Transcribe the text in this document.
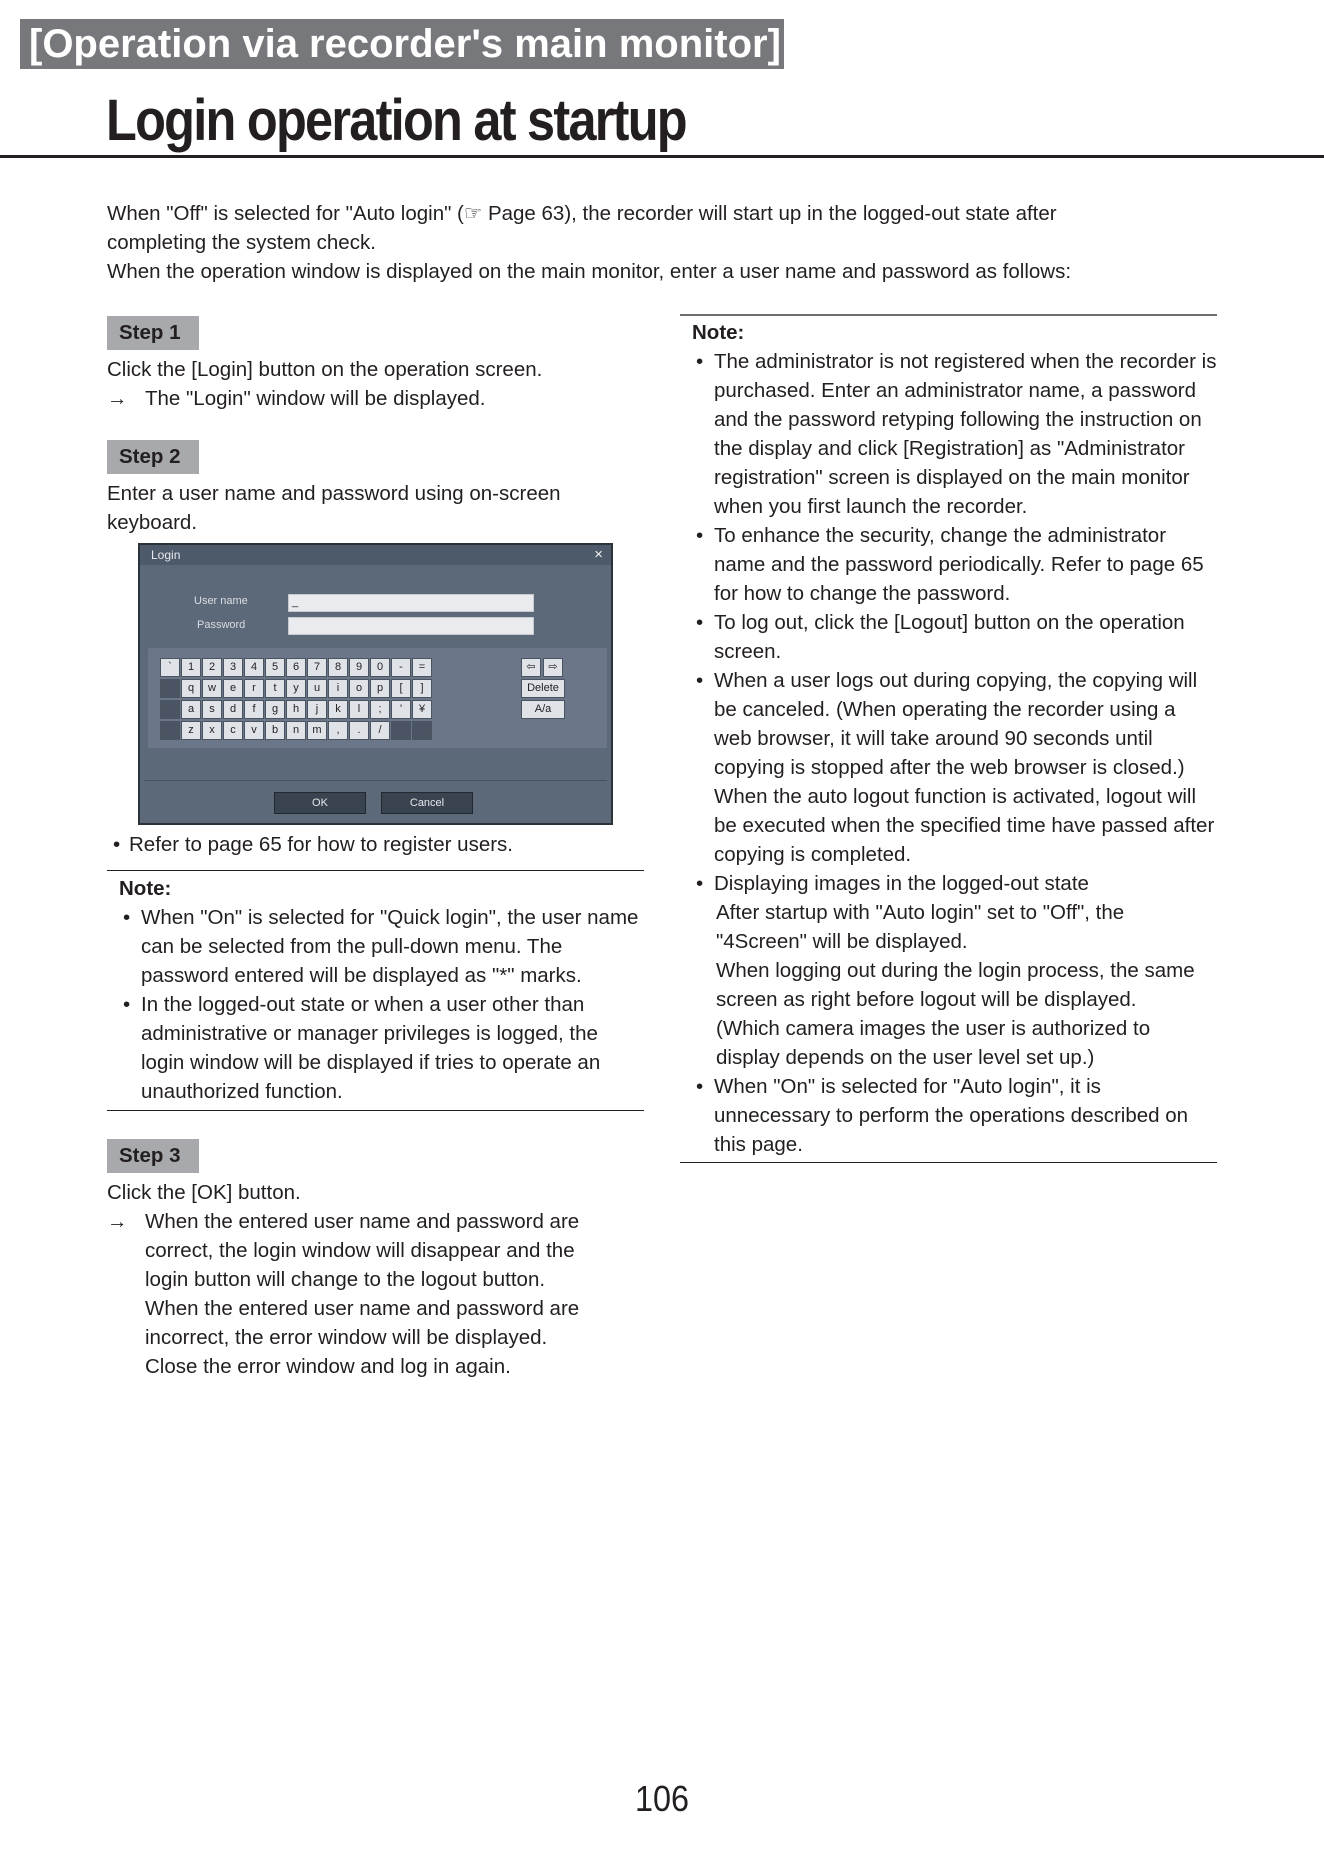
[Operation via recorder's main monitor]
Login operation at startup

When "Off" is selected for "Auto login" (☞ Page 63), the recorder will start up in the logged-out state after

completing the system check.

When the operation window is displayed on the main monitor, enter a user name and password as follows:

Step 1
Click the [Login] button on the operation screen.
→ The "Login" window will be displayed.
Step 2
Enter a user name and password using on-screen
keyboard.
Login	×
User name	_
Password
`	1	2	3	4	5	6	7	8	9	0	-	=
q	w	e	r	t	y	u	i	o	p	[	]
a	s	d	f	g	h	j	k	l	;	'	¥
z	x	c	v	b	n	m	,	.	/
⇦	⇨
Delete
A/a
OK	Cancel
• Refer to page 65 for how to register users.
Note:
• When "On" is selected for "Quick login", the user name can be selected from the pull-down menu. The password entered will be displayed as "*" marks.
• In the logged-out state or when a user other than administrative or manager privileges is logged, the login window will be displayed if tries to operate an unauthorized function.
Step 3
Click the [OK] button.
→ When the entered user name and password are

correct, the login window will disappear and the

login button will change to the logout button.

When the entered user name and password are

incorrect, the error window will be displayed.

Close the error window and log in again.

Note:
• The administrator is not registered when the recorder is purchased. Enter an administrator name, a password and the password retyping following the instruction on the display and click [Registration] as "Administrator registration" screen is displayed on the main monitor when you first launch the recorder.
• To enhance the security, change the administrator name and the password periodically. Refer to page 65 for how to change the password.
• To log out, click the [Logout] button on the operation screen.
• When a user logs out during copying, the copying will be canceled. (When operating the recorder using a web browser, it will take around 90 seconds until copying is stopped after the web browser is closed.) When the auto logout function is activated, logout will be executed when the specified time have passed after copying is completed.
• Displaying images in the logged-out state

After startup with "Auto login" set to "Off", the "4Screen" will be displayed.

When logging out during the login process, the same screen as right before logout will be displayed.

(Which camera images the user is authorized to display depends on the user level set up.)

• When "On" is selected for "Auto login", it is unnecessary to perform the operations described on this page.
106
